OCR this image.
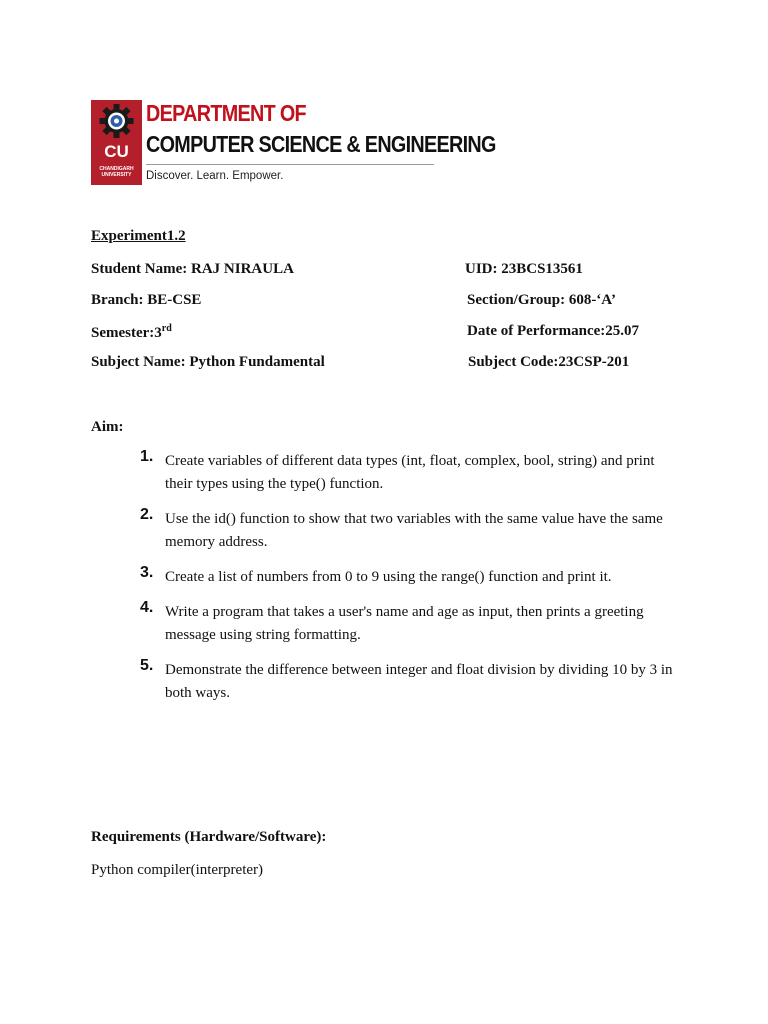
CU
CHANDIGARH UNIVERSITY
DEPARTMENT OF
COMPUTER SCIENCE & ENGINEERING
Discover. Learn. Empower.
Experiment1.2
Student Name: RAJ NIRAULA	UID: 23BCS13561
Branch: BE-CSE	Section/Group: 608-‘A’
Semester:3rd	Date of Performance:25.07
Subject Name: Python Fundamental	Subject Code:23CSP-201
Aim:
1. Create variables of different data types (int, float, complex, bool, string) and print their types using the type() function.
2. Use the id() function to show that two variables with the same value have the same memory address.
3. Create a list of numbers from 0 to 9 using the range() function and print it.
4. Write a program that takes a user's name and age as input, then prints a greeting message using string formatting.
5. Demonstrate the difference between integer and float division by dividing 10 by 3 in both ways.
Requirements (Hardware/Software):
Python compiler(interpreter)
